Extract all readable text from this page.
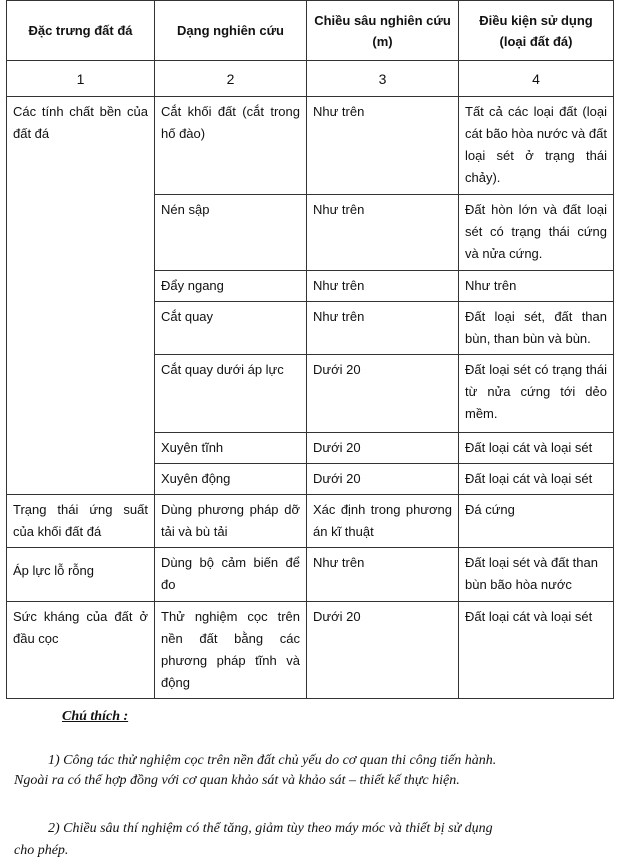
Đặc trưng đất đá	Dạng nghiên cứu	Chiều sâu nghiên cứu (m)	Điều kiện sử dụng (loại đất đá)
1	2	3	4

Các tính chất bền của đất đá	Cắt khối đất (cắt trong hố đào)	Như trên	Tất cả các loại đất (loại cát bão hòa nước và đất loại sét ở trạng thái chảy).

	Nén sập	Như trên	Đất hòn lớn và đất loại sét có trạng thái cứng và nửa cứng.

	Đẩy ngang	Như trên	Như trên

	Cắt quay	Như trên	Đất loại sét, đất than bùn, than bùn và bùn.

	Cắt quay dưới áp lực	Dưới 20	Đất loại sét có trạng thái từ nửa cứng tới dẻo mềm.

	Xuyên tĩnh	Dưới 20	Đất loại cát và loại sét

	Xuyên động	Dưới 20	Đất loại cát và loại sét

Trạng thái ứng suất của khối đất đá	Dùng phương pháp dỡ tải và bù tải	Xác định trong phương án kĩ thuật	Đá cứng

Áp lực lỗ rỗng	Dùng bộ cảm biến để đo	Như trên	Đất loại sét và đất than bùn bão hòa nước

Sức kháng của đất ở đầu cọc	Thử nghiệm cọc trên nền đất bằng các phương pháp tĩnh và động	Dưới 20	Đất loại cát và loại sét
Chú thích :
1) Công tác thử nghiệm cọc trên nền đất chủ yếu do cơ quan thi công tiến hành.
Ngoài ra có thể hợp đồng với cơ quan khảo sát và khảo sát – thiết kế thực hiện.
2) Chiều sâu thí nghiệm có thể tăng, giảm tùy theo máy móc và thiết bị sử dụng
cho phép.
